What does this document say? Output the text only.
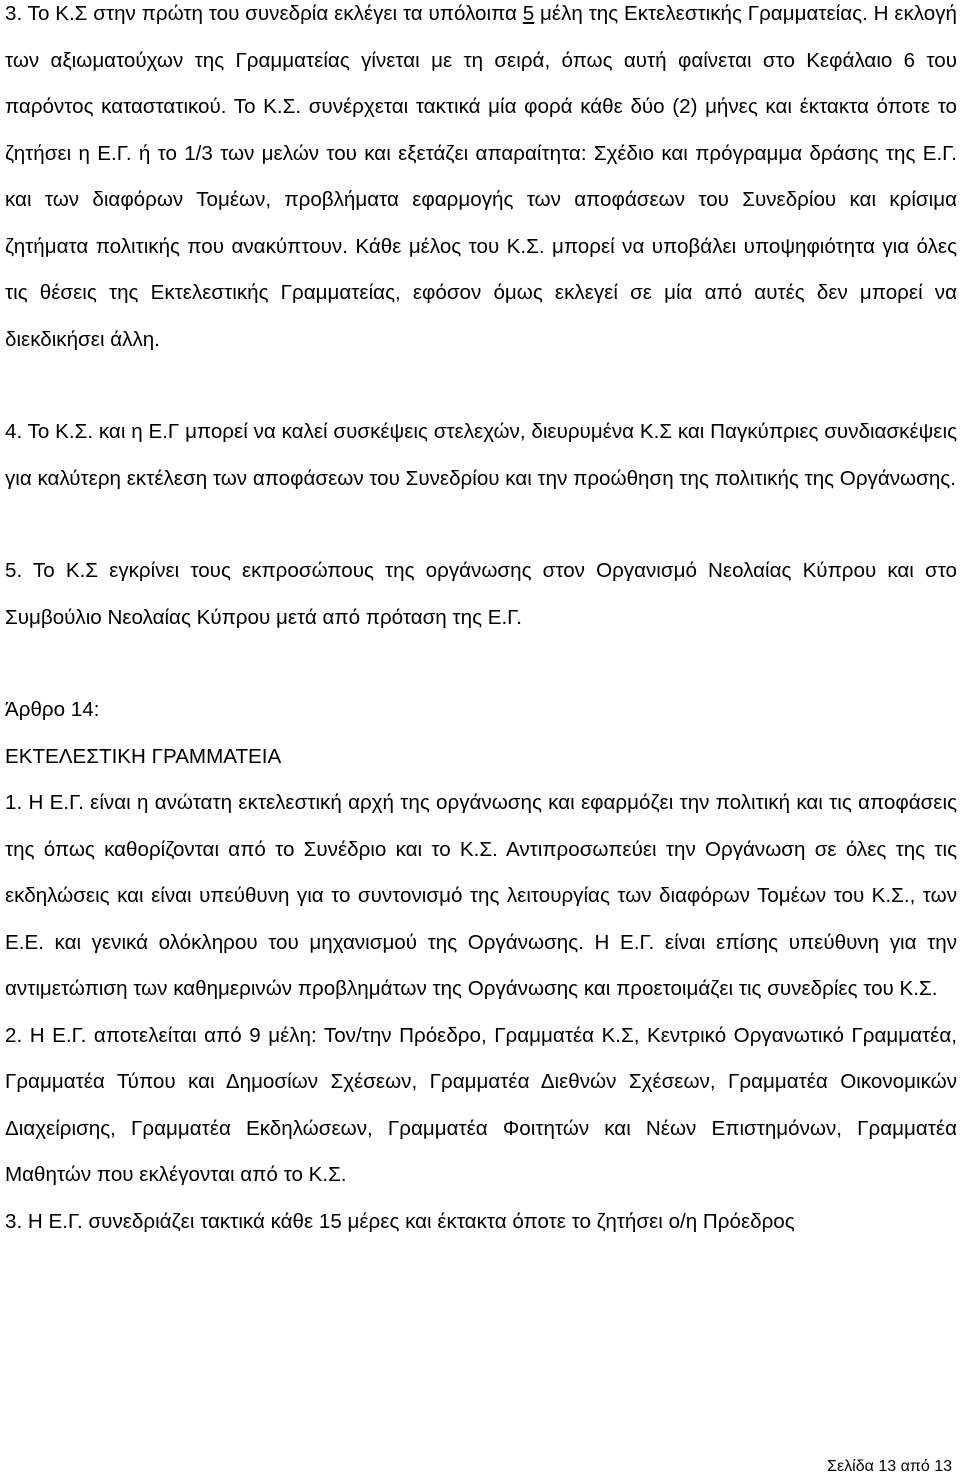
3. Το Κ.Σ στην πρώτη του συνεδρία εκλέγει τα υπόλοιπα 5 μέλη της Εκτελεστικής Γραμματείας. Η εκλογή των αξιωματούχων της Γραμματείας γίνεται με τη σειρά, όπως αυτή φαίνεται στο Κεφάλαιο 6 του παρόντος καταστατικού. Το Κ.Σ. συνέρχεται τακτικά μία φορά κάθε δύο (2) μήνες και έκτακτα όποτε το ζητήσει η Ε.Γ. ή το 1/3 των μελών του και εξετάζει απαραίτητα: Σχέδιο και πρόγραμμα δράσης της Ε.Γ. και των διαφόρων Τομέων, προβλήματα εφαρμογής των αποφάσεων του Συνεδρίου και κρίσιμα ζητήματα πολιτικής που ανακύπτουν. Κάθε μέλος του Κ.Σ. μπορεί να υποβάλει υποψηφιότητα για όλες τις θέσεις της Εκτελεστικής Γραμματείας, εφόσον όμως εκλεγεί σε μία από αυτές δεν μπορεί να διεκδικήσει άλλη.

4. Το Κ.Σ. και η Ε.Γ μπορεί να καλεί συσκέψεις στελεχών, διευρυμένα Κ.Σ και Παγκύπριες συνδιασκέψεις για καλύτερη εκτέλεση των αποφάσεων του Συνεδρίου και την προώθηση της πολιτικής της Οργάνωσης.

5. Το Κ.Σ εγκρίνει τους εκπροσώπους της οργάνωσης στον Οργανισμό Νεολαίας Κύπρου και στο Συμβούλιο Νεολαίας Κύπρου μετά από πρόταση της Ε.Γ.

Άρθρο 14:

ΕΚΤΕΛΕΣΤΙΚΗ ΓΡΑΜΜΑΤΕΙΑ

1. Η Ε.Γ. είναι η ανώτατη εκτελεστική αρχή της οργάνωσης και εφαρμόζει την πολιτική και τις αποφάσεις της όπως καθορίζονται από το Συνέδριο και το Κ.Σ. Αντιπροσωπεύει την Οργάνωση σε όλες της τις εκδηλώσεις και είναι υπεύθυνη για το συντονισμό της λειτουργίας των διαφόρων Τομέων του Κ.Σ., των Ε.Ε. και γενικά ολόκληρου του μηχανισμού της Οργάνωσης. Η Ε.Γ. είναι επίσης υπεύθυνη για την αντιμετώπιση των καθημερινών προβλημάτων της Οργάνωσης και προετοιμάζει τις συνεδρίες του Κ.Σ.

2. Η Ε.Γ. αποτελείται από 9 μέλη: Τον/την Πρόεδρο, Γραμματέα Κ.Σ, Κεντρικό Οργανωτικό Γραμματέα, Γραμματέα Τύπου και Δημοσίων Σχέσεων, Γραμματέα Διεθνών Σχέσεων, Γραμματέα Οικονομικών Διαχείρισης, Γραμματέα Εκδηλώσεων, Γραμματέα Φοιτητών και Νέων Επιστημόνων, Γραμματέα Μαθητών που εκλέγονται από το Κ.Σ.

3. Η Ε.Γ. συνεδριάζει τακτικά κάθε 15 μέρες και έκτακτα όποτε το ζητήσει ο/η Πρόεδρος

Σελίδα 13 από 13
